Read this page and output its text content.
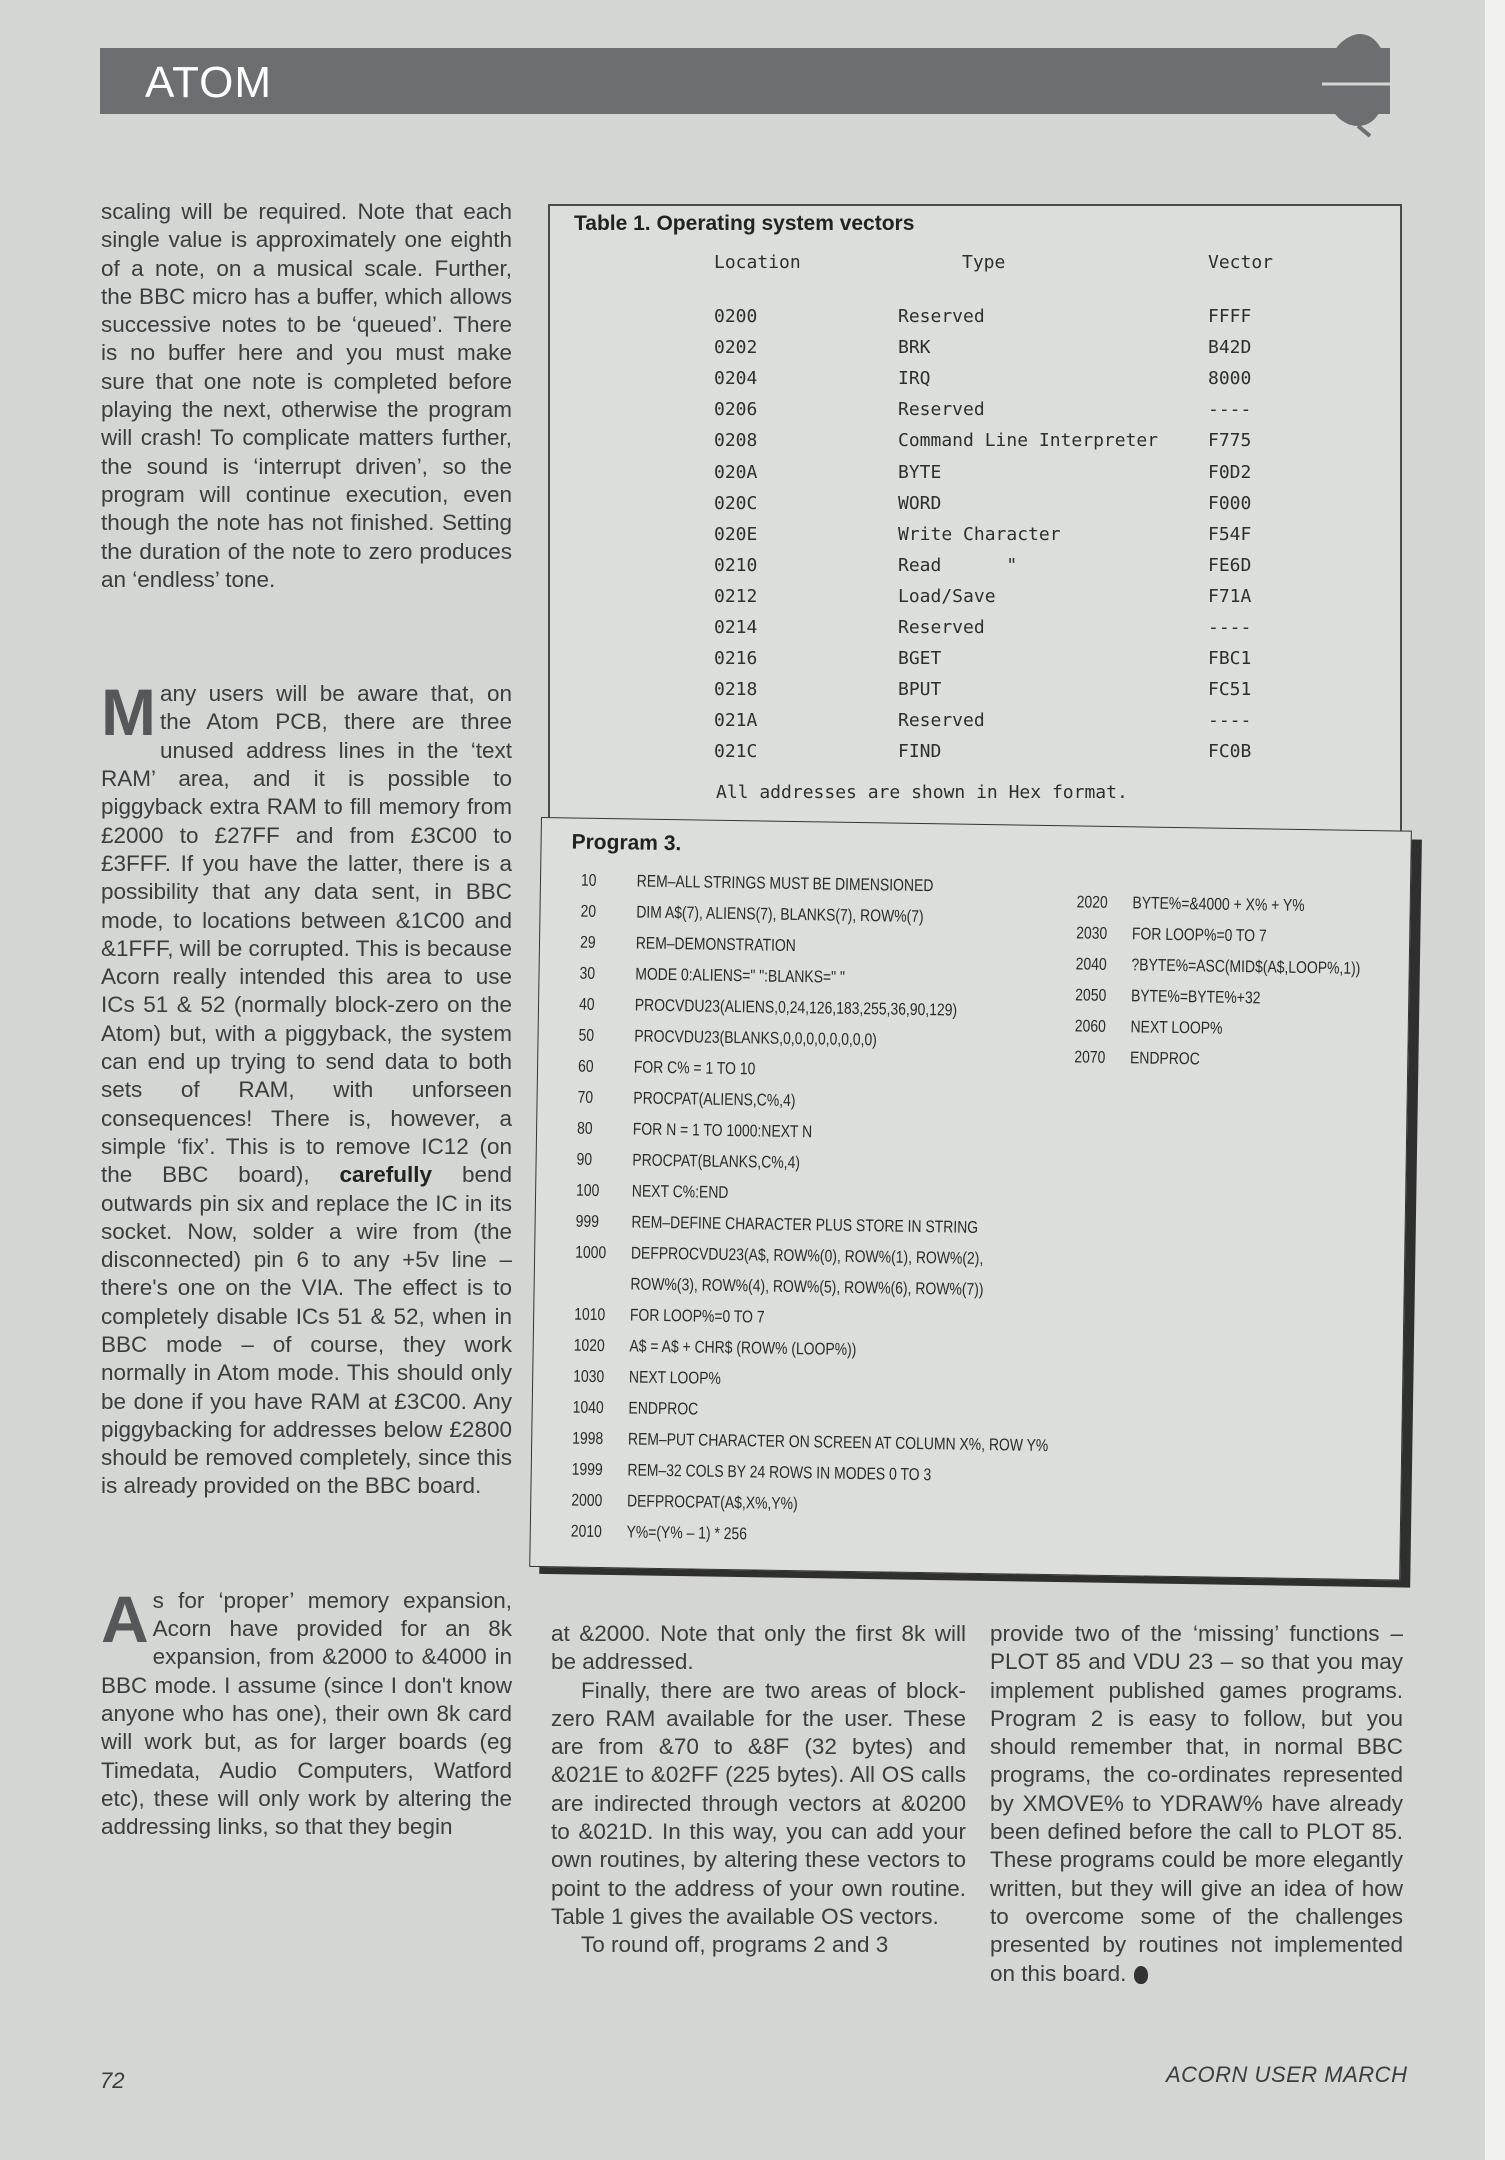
ATOM

scaling will be required. Note that each single value is approximately one eighth of a note, on a musical scale. Further, the BBC micro has a buffer, which allows successive notes to be ‘queued’. There is no buffer here and you must make sure that one note is completed before playing the next, otherwise the program will crash! To complicate matters further, the sound is ‘interrupt driven’, so the program will continue execution, even though the note has not finished. Setting the duration of the note to zero produces an ‘endless’ tone.

Many users will be aware that, on the Atom PCB, there are three unused address lines in the ‘text RAM’ area, and it is possible to piggyback extra RAM to fill memory from £2000 to £27FF and from £3C00 to £3FFF. If you have the latter, there is a possibility that any data sent, in BBC mode, to locations between &1C00 and &1FFF, will be corrupted. This is because Acorn really intended this area to use ICs 51 & 52 (normally block-zero on the Atom) but, with a piggyback, the system can end up trying to send data to both sets of RAM, with unforseen consequences! There is, however, a simple ‘fix’. This is to remove IC12 (on the BBC board), carefully bend outwards pin six and replace the IC in its socket. Now, solder a wire from (the disconnected) pin 6 to any +5v line – there's one on the VIA. The effect is to completely disable ICs 51 & 52, when in BBC mode – of course, they work normally in Atom mode. This should only be done if you have RAM at £3C00. Any piggybacking for addresses below £2800 should be removed completely, since this is already provided on the BBC board.

As for ‘proper’ memory expansion, Acorn have provided for an 8k expansion, from &2000 to &4000 in BBC mode. I assume (since I don't know anyone who has one), their own 8k card will work but, as for larger boards (eg Timedata, Audio Computers, Watford etc), these will only work by altering the addressing links, so that they begin

Table 1. Operating system vectors
Location	Type	Vector
0200	Reserved	FFFF
0202	BRK	B42D
0204	IRQ	8000
0206	Reserved	----
0208	Command Line Interpreter	F775
020A	BYTE	F0D2
020C	WORD	F000
020E	Write Character	F54F
0210	Read      "	FE6D
0212	Load/Save	F71A
0214	Reserved	----
0216	BGET	FBC1
0218	BPUT	FC51
021A	Reserved	----
021C	FIND	FC0B
All addresses are shown in Hex format.
Program 3.
10 REM–ALL STRINGS MUST BE DIMENSIONED
20 DIM A$(7), ALIENS(7), BLANKS(7), ROW%(7)
29 REM–DEMONSTRATION
30 MODE 0:ALIENS=" ":BLANKS=" "
40 PROCVDU23(ALIENS,0,24,126,183,255,36,90,129)
50 PROCVDU23(BLANKS,0,0,0,0,0,0,0,0)
60 FOR C% = 1 TO 10
70 PROCPAT(ALIENS,C%,4)
80 FOR N = 1 TO 1000:NEXT N
90 PROCPAT(BLANKS,C%,4)
100 NEXT C%:END
999 REM–DEFINE CHARACTER PLUS STORE IN STRING
1000 DEFPROCVDU23(A$, ROW%(0), ROW%(1), ROW%(2),
ROW%(3), ROW%(4), ROW%(5), ROW%(6), ROW%(7))
1010 FOR LOOP%=0 TO 7
1020 A$ = A$ + CHR$ (ROW% (LOOP%))
1030 NEXT LOOP%
1040 ENDPROC
1998 REM–PUT CHARACTER ON SCREEN AT COLUMN X%, ROW Y%
1999 REM–32 COLS BY 24 ROWS IN MODES 0 TO 3
2000 DEFPROCPAT(A$,X%,Y%)
2010 Y%=(Y% – 1) * 256
2020 BYTE%=&4000 + X% + Y%
2030 FOR LOOP%=0 TO 7
2040 ?BYTE%=ASC(MID$(A$,LOOP%,1))
2050 BYTE%=BYTE%+32
2060 NEXT LOOP%
2070 ENDPROC

at &2000. Note that only the first 8k will be addressed.

Finally, there are two areas of block-zero RAM available for the user. These are from &70 to &8F (32 bytes) and &021E to &02FF (225 bytes). All OS calls are indirected through vectors at &0200 to &021D. In this way, you can add your own routines, by altering these vectors to point to the address of your own routine. Table 1 gives the available OS vectors.

To round off, programs 2 and 3

provide two of the ‘missing’ functions – PLOT 85 and VDU 23 – so that you may implement published games programs. Program 2 is easy to follow, but you should remember that, in normal BBC programs, the co-ordinates represented by XMOVE% to YDRAW% have already been defined before the call to PLOT 85. These programs could be more elegantly written, but they will give an idea of how to overcome some of the challenges presented by routines not implemented on this board.

72	ACORN USER MARCH
